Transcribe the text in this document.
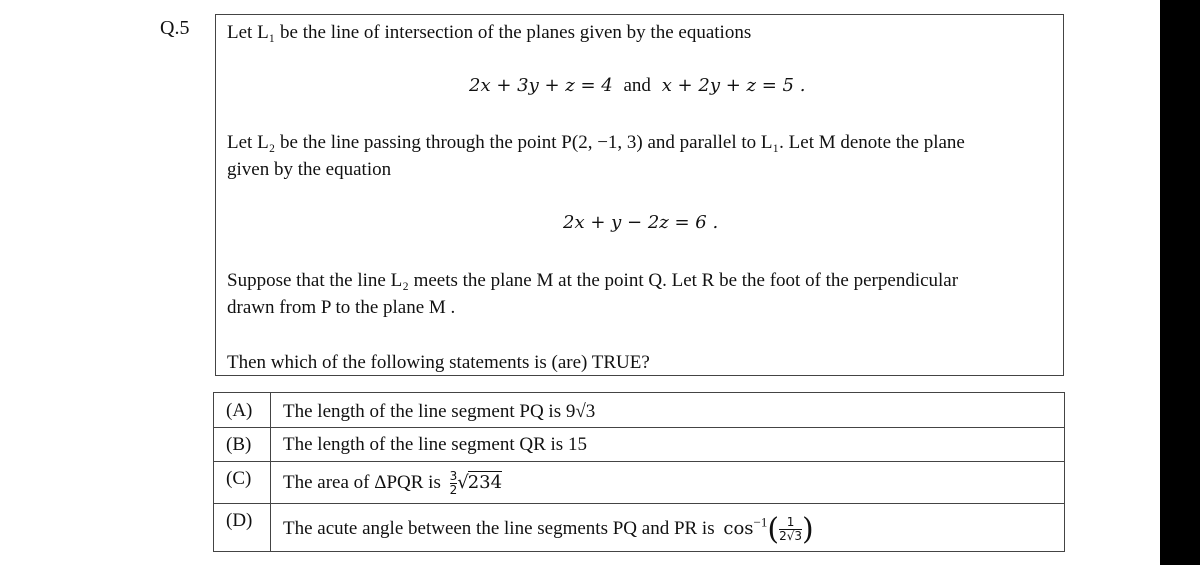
Q.5 Let L₁ be the line of intersection of the planes given by the equations
2x + 3y + z = 4 and x + 2y + z = 5 .
Let L₂ be the line passing through the point P(2, −1, 3) and parallel to L₁. Let M denote the plane
given by the equation
2x + y − 2z = 6 .
Suppose that the line L₂ meets the plane M at the point Q. Let R be the foot of the perpendicular
drawn from P to the plane M .
Then which of the following statements is (are) TRUE?
(A) The length of the line segment PQ is 9√3
(B) The length of the line segment QR is 15
(C) The area of ΔPQR is $\frac{3}{2} √234$
(D) The acute angle between the line segments PQ and PR is $\cos^{-1}( \frac{1}{2√3}$ )
